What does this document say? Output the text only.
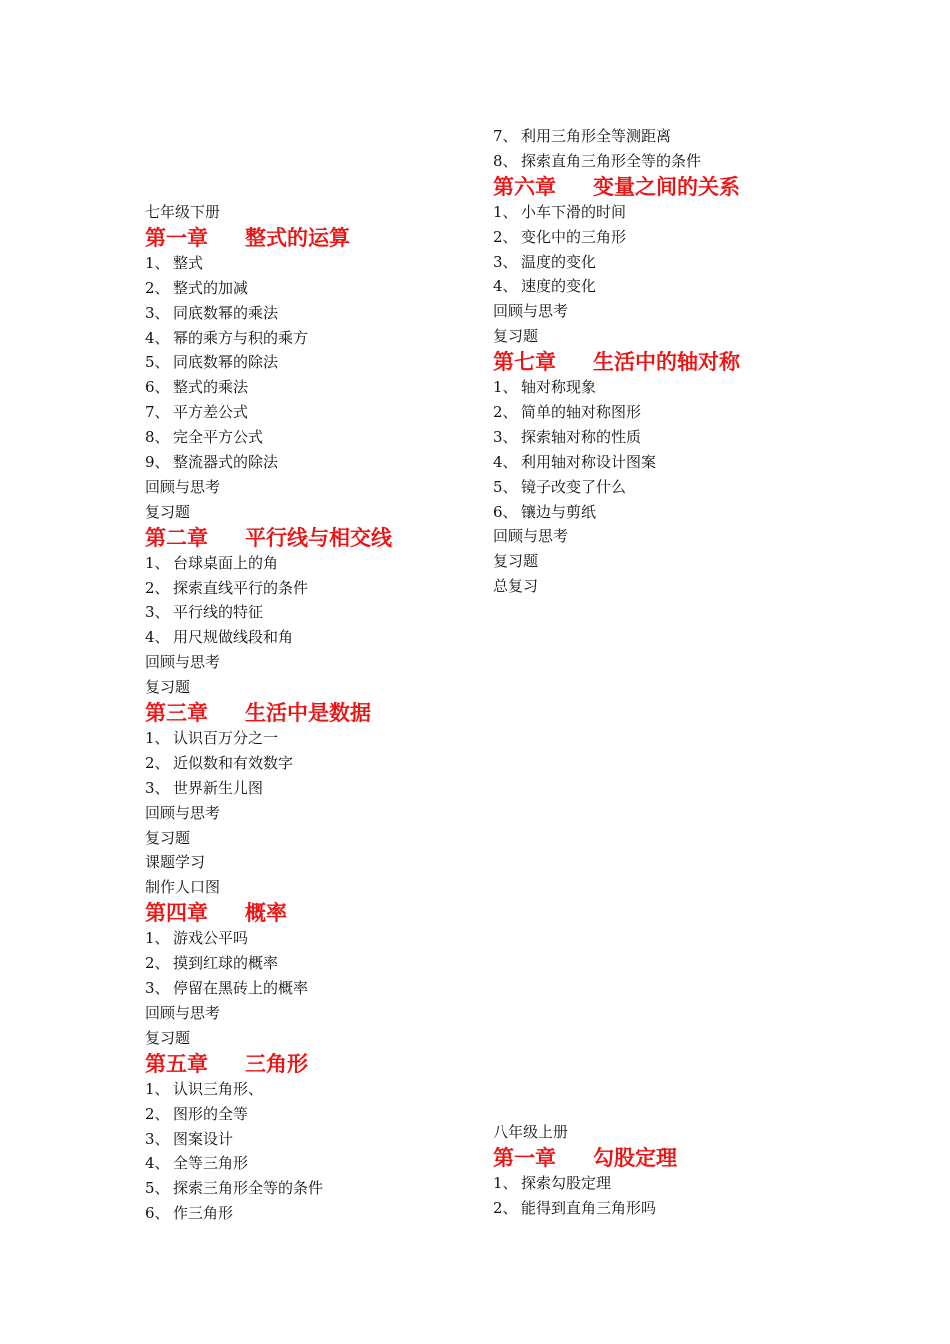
七年级下册
第一章 整式的运算
1、 整式
2、 整式的加减
3、 同底数幂的乘法
4、 幂的乘方与积的乘方
5、 同底数幂的除法
6、 整式的乘法
7、 平方差公式
8、 完全平方公式
9、 整流器式的除法
回顾与思考
复习题
第二章 平行线与相交线
1、 台球桌面上的角
2、 探索直线平行的条件
3、 平行线的特征
4、 用尺规做线段和角
回顾与思考
复习题
第三章 生活中是数据
1、 认识百万分之一
2、 近似数和有效数字
3、 世界新生儿图
回顾与思考
复习题
课题学习
制作人口图
第四章 概率
1、 游戏公平吗
2、 摸到红球的概率
3、 停留在黑砖上的概率
回顾与思考
复习题
第五章 三角形
1、 认识三角形、
2、 图形的全等
3、 图案设计
4、 全等三角形
5、 探索三角形全等的条件
6、 作三角形
7、 利用三角形全等测距离
8、 探索直角三角形全等的条件
第六章 变量之间的关系
1、 小车下滑的时间
2、 变化中的三角形
3、 温度的变化
4、 速度的变化
回顾与思考
复习题
第七章 生活中的轴对称
1、 轴对称现象
2、 简单的轴对称图形
3、 探索轴对称的性质
4、 利用轴对称设计图案
5、 镜子改变了什么
6、 镶边与剪纸
回顾与思考
复习题
总复习
八年级上册
第一章 勾股定理
1、 探索勾股定理
2、 能得到直角三角形吗
